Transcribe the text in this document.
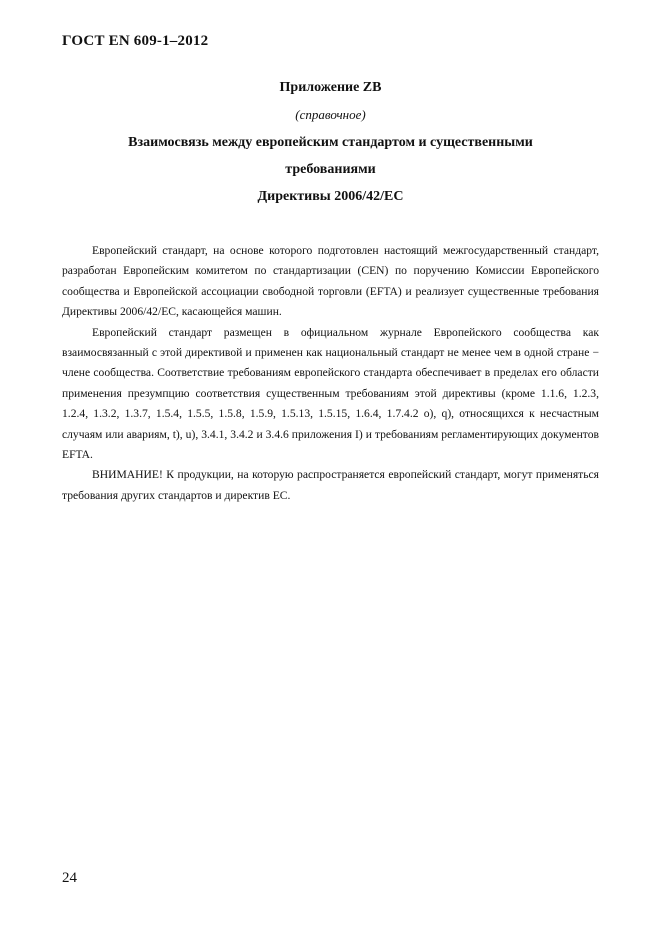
ГОСТ EN 609-1–2012
Приложение ZB
(справочное)
Взаимосвязь между европейским стандартом и существенными
требованиями
Директивы 2006/42/ЕС

Европейский стандарт, на основе которого подготовлен настоящий межгосударственный стандарт, разработан Европейским комитетом по стандартизации (CEN) по поручению Комиссии Европейского сообщества и Европейской ассоциации свободной торговли (EFTA) и реализует существенные требования Директивы 2006/42/ЕС, касающейся машин.

Европейский стандарт размещен в официальном журнале Европейского сообщества как взаимосвязанный с этой директивой и применен как национальный стандарт не менее чем в одной стране − члене сообщества. Соответствие требованиям европейского стандарта обеспечивает в пределах его области применения презумпцию соответствия существенным требованиям этой директивы (кроме 1.1.6, 1.2.3, 1.2.4, 1.3.2, 1.3.7, 1.5.4, 1.5.5, 1.5.8, 1.5.9, 1.5.13, 1.5.15, 1.6.4, 1.7.4.2 o), q), относящихся к несчастным случаям или авариям, t), u), 3.4.1, 3.4.2 и 3.4.6 приложения I) и требованиям регламентирующих документов EFTA.

ВНИМАНИЕ! К продукции, на которую распространяется европейский стандарт, могут применяться требования других стандартов и директив ЕС.

24
